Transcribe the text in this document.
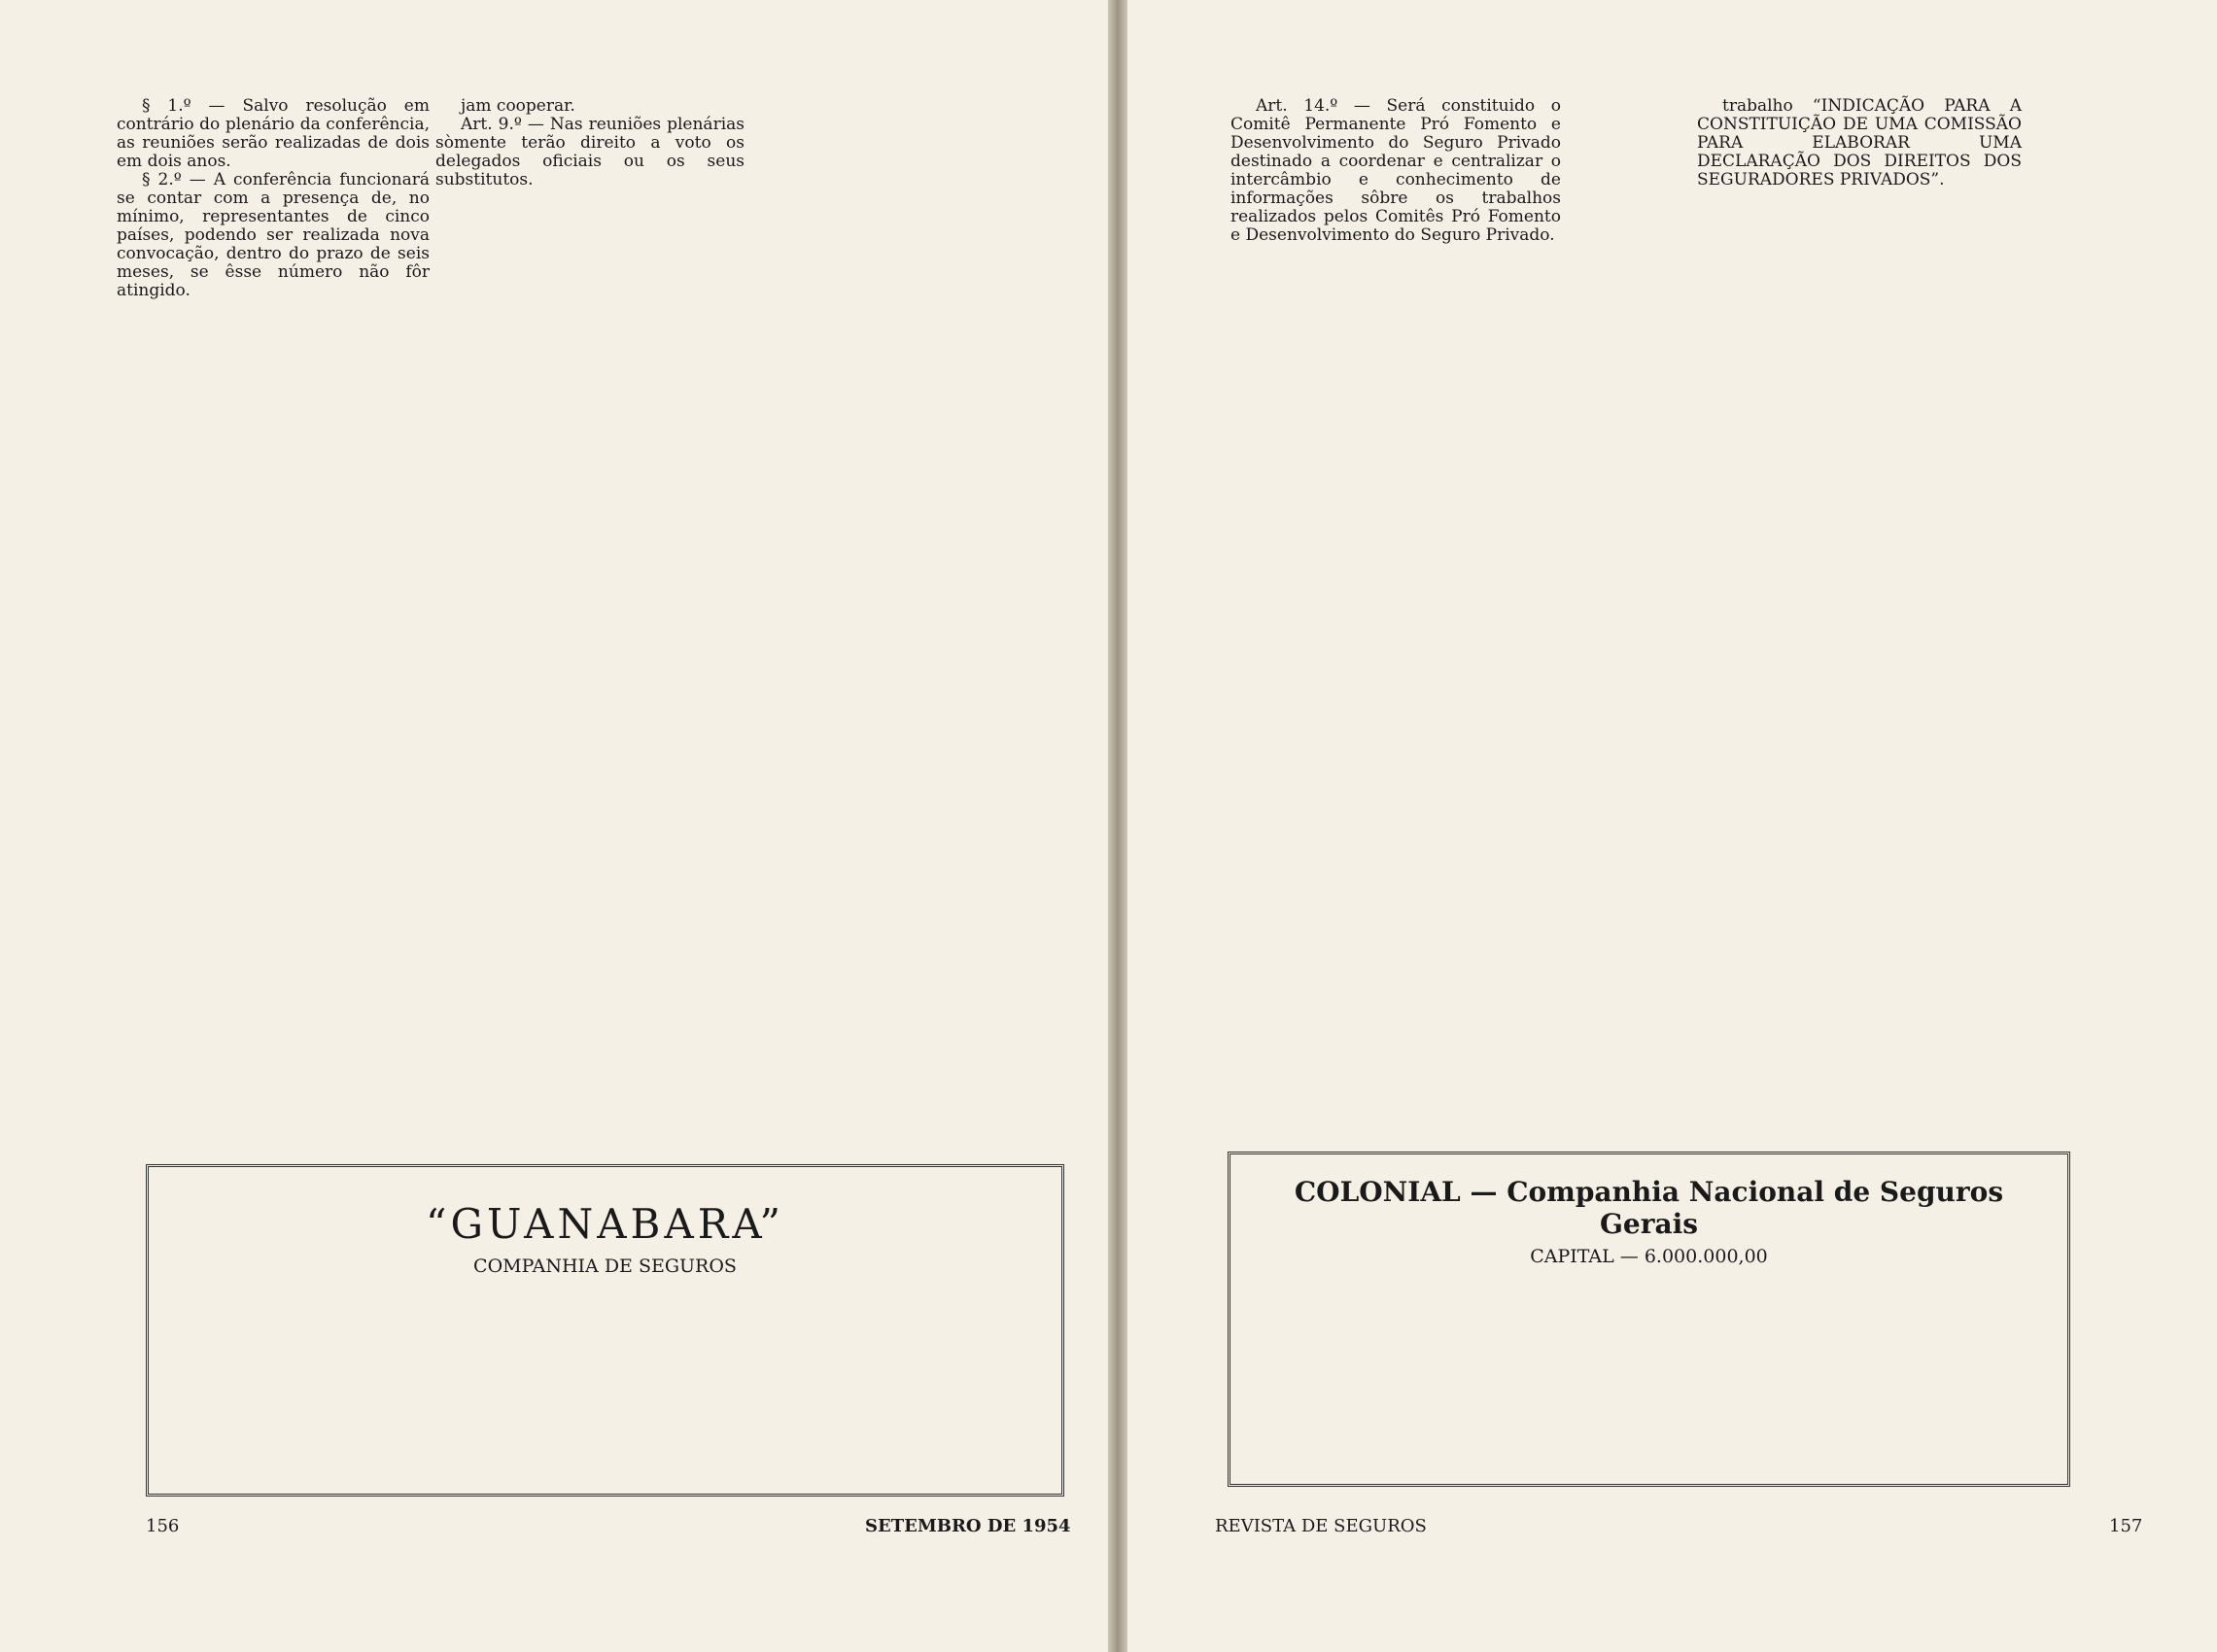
§ 1.º — Salvo resolução em contrário do plenário da conferência, as reuniões serão realizadas de dois em dois anos.

§ 2.º — A conferência funcionará se contar com a presença de, no mínimo, representantes de cinco países, podendo ser realizada nova convocação, dentro do prazo de seis meses, se êsse número não fôr atingido.

jam cooperar.

Art. 9.º — Nas reuniões plenárias sòmente terão direito a voto os delegados oficiais ou os seus substitutos.

“GUANABARA”
COMPANHIA DE SEGUROS
156	SETEMBRO DE 1954

Art. 14.º — Será constituido o Comitê Permanente Pró Fomento e Desenvolvimento do Seguro Privado destinado a coordenar e centralizar o intercâmbio e conhecimento de informações sôbre os trabalhos realizados pelos Comitês Pró Fomento e Desenvolvimento do Seguro Privado.

trabalho “INDICAÇÃO PARA A CONSTITUIÇÃO DE UMA COMISSÃO PARA ELABORAR UMA DECLARAÇÃO DOS DIREITOS DOS SEGURADORES PRIVADOS”.

COLONIAL — Companhia Nacional de Seguros Gerais
CAPITAL — 6.000.000,00
REVISTA DE SEGUROS	157
